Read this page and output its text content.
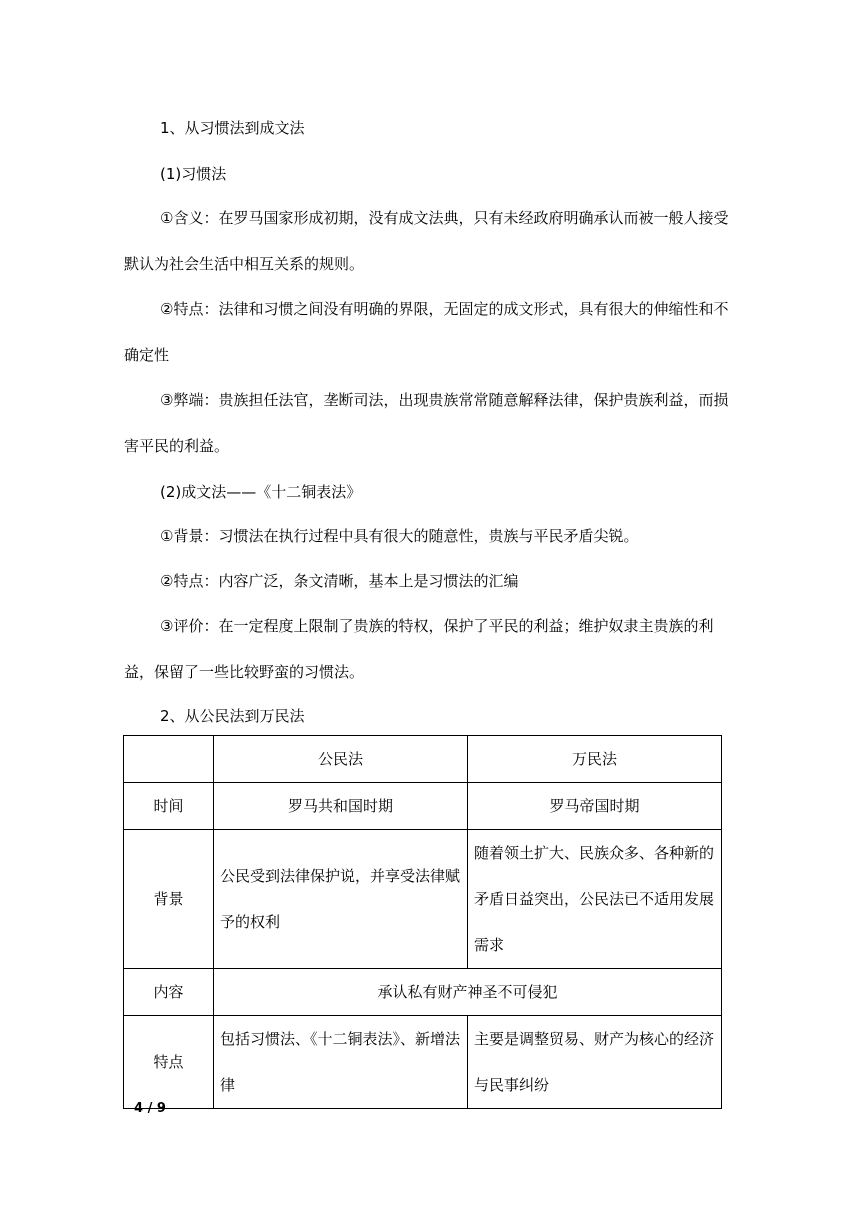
1、从习惯法到成文法

(1)习惯法

①含义：在罗马国家形成初期，没有成文法典，只有未经政府明确承认而被一般人接受默认为社会生活中相互关系的规则。

②特点：法律和习惯之间没有明确的界限，无固定的成文形式，具有很大的伸缩性和不确定性

③弊端：贵族担任法官，垄断司法，出现贵族常常随意解释法律，保护贵族利益，而损害平民的利益。

(2)成文法——《十二铜表法》

①背景：习惯法在执行过程中具有很大的随意性，贵族与平民矛盾尖锐。

②特点：内容广泛，条文清晰，基本上是习惯法的汇编

③评价：在一定程度上限制了贵族的特权，保护了平民的利益；维护奴隶主贵族的利益，保留了一些比较野蛮的习惯法。

2、从公民法到万民法

	公民法	万民法
时间	罗马共和国时期	罗马帝国时期
背景	公民受到法律保护说，并享受法律赋予的权利	随着领土扩大、民族众多、各种新的矛盾日益突出，公民法已不适用发展需求
内容	承认私有财产神圣不可侵犯	
特点	包括习惯法、《十二铜表法》、新增法律	主要是调整贸易、财产为核心的经济与民事纠纷
4 / 9
